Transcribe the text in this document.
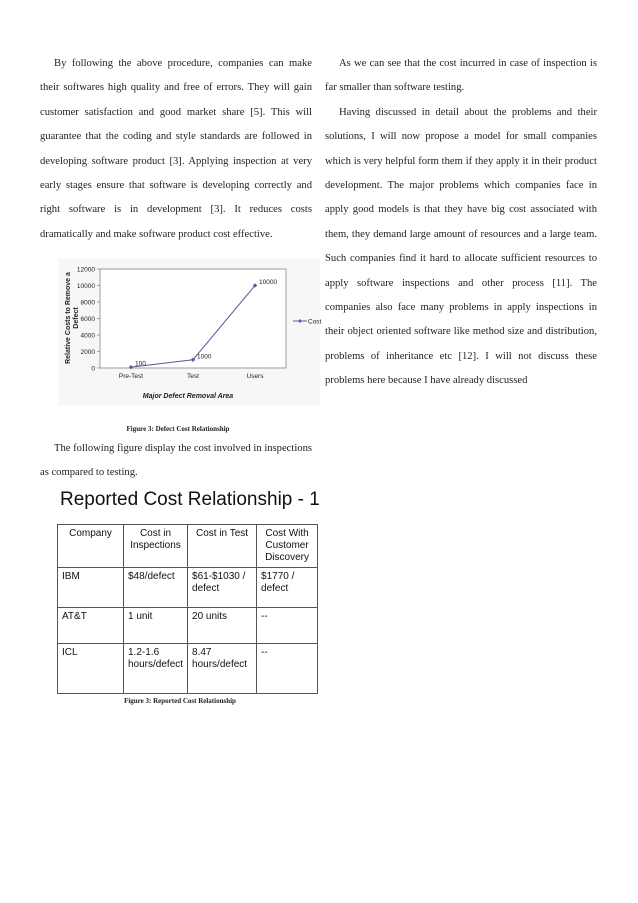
By following the above procedure, companies can make their softwares high quality and free of errors. They will gain customer satisfaction and good market share [5]. This will guarantee that the coding and style standards are followed in developing software product [3]. Applying inspection at very early stages ensure that software is developing correctly and right software is in development [3]. It reduces costs dramatically and make software product cost effective.

0
2000
4000
6000
8000
10000
12000
Pre-Test	Test	Users
100
1000
10000
Major Defect Removal Area
Relative Costs to Remove aDefect	Cost
Figure 3: Defect Cost Relationship

The following figure display the cost involved in inspections as compared to testing.

Reported Cost Relationship - 1
Company	Cost in Inspections	Cost in Test	Cost With Customer Discovery
IBM	$48/defect	$61-$1030 / defect	$1770 / defect
AT&T	1 unit	20 units	--
ICL	1.2-1.6 hours/defect	8.47 hours/defect	--
Figure 3: Reported Cost Relationship

As we can see that the cost incurred in case of inspection is far smaller than software testing.

Having discussed in detail about the problems and their solutions, I will now propose a model for small companies which is very helpful form them if they apply it in their product development. The major problems which companies face in apply good models is that they have big cost associated with them, they demand large amount of resources and a large team. Such companies find it hard to allocate sufficient resources to apply software inspections and other process [11]. The companies also face many problems in apply inspections in their object oriented software like method size and distribution, problems of inheritance etc [12]. I will not discuss these problems here because I have already discussed
